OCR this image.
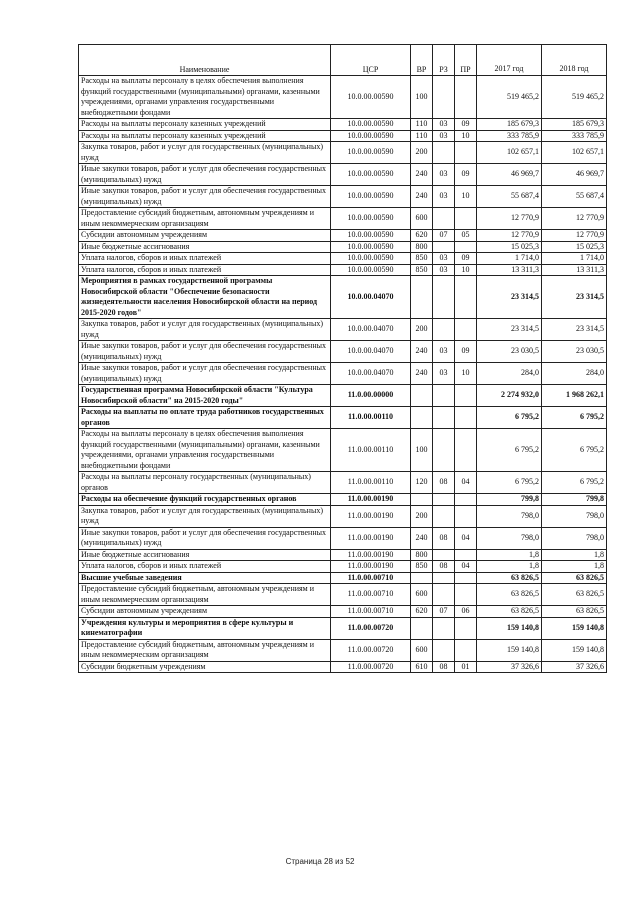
Наименование	ЦСР	ВР	РЗ	ПР	2017 год	2018 год

Расходы на выплаты персоналу в целях обеспечения выполнения функций государственными (муниципальными) органами, казенными учреждениями, органами управления государственными внебюджетными фондами	10.0.00.00590	100			519 465,2	519 465,2
Расходы на выплаты персоналу казенных учреждений	10.0.00.00590	110	03	09	185 679,3	185 679,3
Расходы на выплаты персоналу казенных учреждений	10.0.00.00590	110	03	10	333 785,9	333 785,9
Закупка товаров, работ и услуг для государственных (муниципальных) нужд	10.0.00.00590	200			102 657,1	102 657,1
Иные закупки товаров, работ и услуг для обеспечения государственных (муниципальных) нужд	10.0.00.00590	240	03	09	46 969,7	46 969,7
Иные закупки товаров, работ и услуг для обеспечения государственных (муниципальных) нужд	10.0.00.00590	240	03	10	55 687,4	55 687,4
Предоставление субсидий бюджетным, автономным учреждениям и иным некоммерческим организациям	10.0.00.00590	600			12 770,9	12 770,9
Субсидии автономным учреждениям	10.0.00.00590	620	07	05	12 770,9	12 770,9
Иные бюджетные ассигнования	10.0.00.00590	800			15 025,3	15 025,3
Уплата налогов, сборов и иных платежей	10.0.00.00590	850	03	09	1 714,0	1 714,0
Уплата налогов, сборов и иных платежей	10.0.00.00590	850	03	10	13 311,3	13 311,3
Мероприятия в рамках государственной программы Новосибирской области "Обеспечение безопасности жизнедеятельности населения Новосибирской области на период 2015-2020 годов"	10.0.00.04070				23 314,5	23 314,5
Закупка товаров, работ и услуг для государственных (муниципальных) нужд	10.0.00.04070	200			23 314,5	23 314,5
Иные закупки товаров, работ и услуг для обеспечения государственных (муниципальных) нужд	10.0.00.04070	240	03	09	23 030,5	23 030,5
Иные закупки товаров, работ и услуг для обеспечения государственных (муниципальных) нужд	10.0.00.04070	240	03	10	284,0	284,0
Государственная программа Новосибирской области "Культура Новосибирской области" на 2015-2020 годы"	11.0.00.00000				2 274 932,0	1 968 262,1
Расходы на выплаты по оплате труда работников государственных органов	11.0.00.00110				6 795,2	6 795,2
Расходы на выплаты персоналу в целях обеспечения выполнения функций государственными (муниципальными) органами, казенными учреждениями, органами управления государственными внебюджетными фондами	11.0.00.00110	100			6 795,2	6 795,2
Расходы на выплаты персоналу государственных (муниципальных) органов	11.0.00.00110	120	08	04	6 795,2	6 795,2
Расходы на обеспечение функций государственных органов	11.0.00.00190				799,8	799,8
Закупка товаров, работ и услуг для государственных (муниципальных) нужд	11.0.00.00190	200			798,0	798,0
Иные закупки товаров, работ и услуг для обеспечения государственных (муниципальных) нужд	11.0.00.00190	240	08	04	798,0	798,0
Иные бюджетные ассигнования	11.0.00.00190	800			1,8	1,8
Уплата налогов, сборов и иных платежей	11.0.00.00190	850	08	04	1,8	1,8
Высшие учебные заведения	11.0.00.00710				63 826,5	63 826,5
Предоставление субсидий бюджетным, автономным учреждениям и иным некоммерческим организациям	11.0.00.00710	600			63 826,5	63 826,5
Субсидии автономным учреждениям	11.0.00.00710	620	07	06	63 826,5	63 826,5
Учреждения культуры и мероприятия в сфере культуры и кинематографии	11.0.00.00720				159 140,8	159 140,8
Предоставление субсидий бюджетным, автономным учреждениям и иным некоммерческим организациям	11.0.00.00720	600			159 140,8	159 140,8
Субсидии бюджетным учреждениям	11.0.00.00720	610	08	01	37 326,6	37 326,6
Страница 28 из 52
